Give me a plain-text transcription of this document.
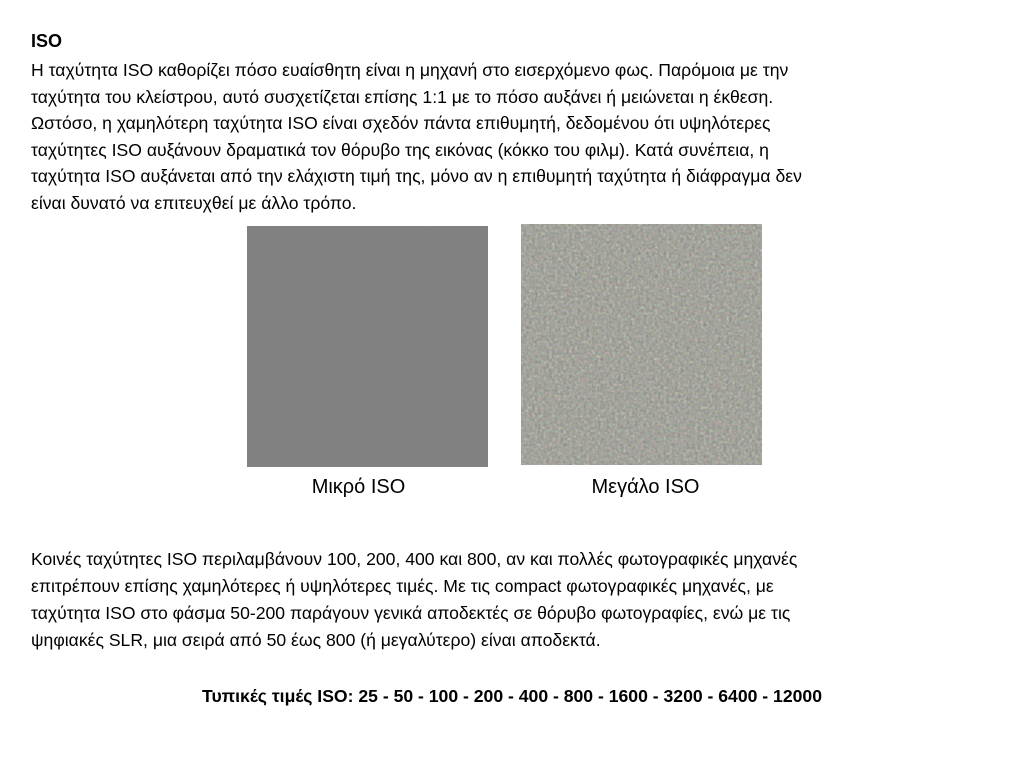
ISO
Η ταχύτητα ISO καθορίζει πόσο ευαίσθητη είναι η μηχανή στο εισερχόμενο φως. Παρόμοια με την
ταχύτητα του κλείστρου, αυτό συσχετίζεται επίσης 1:1 με το πόσο αυξάνει ή μειώνεται η έκθεση.
Ωστόσο, η χαμηλότερη ταχύτητα ISO είναι σχεδόν πάντα επιθυμητή, δεδομένου ότι υψηλότερες
ταχύτητες ISO αυξάνουν δραματικά τον θόρυβο της εικόνας (κόκκο του φιλμ). Κατά συνέπεια, η
ταχύτητα ISO αυξάνεται από την ελάχιστη τιμή της, μόνο αν η επιθυμητή ταχύτητα ή διάφραγμα δεν
είναι δυνατό να επιτευχθεί με άλλο τρόπο.
Μικρό ISO	Μεγάλο ISO
Κοινές ταχύτητες ISO περιλαμβάνουν 100, 200, 400 και 800, αν και πολλές φωτογραφικές μηχανές
επιτρέπουν επίσης χαμηλότερες ή υψηλότερες τιμές. Με τις compact φωτογραφικές μηχανές, με
ταχύτητα ISO στο φάσμα 50-200 παράγουν γενικά αποδεκτές σε θόρυβο φωτογραφίες, ενώ με τις
ψηφιακές SLR, μια σειρά από 50 έως 800 (ή μεγαλύτερο) είναι αποδεκτά.
Τυπικές τιμές ISO: 25 - 50 - 100 - 200 - 400 - 800 - 1600 - 3200 - 6400 - 12000
